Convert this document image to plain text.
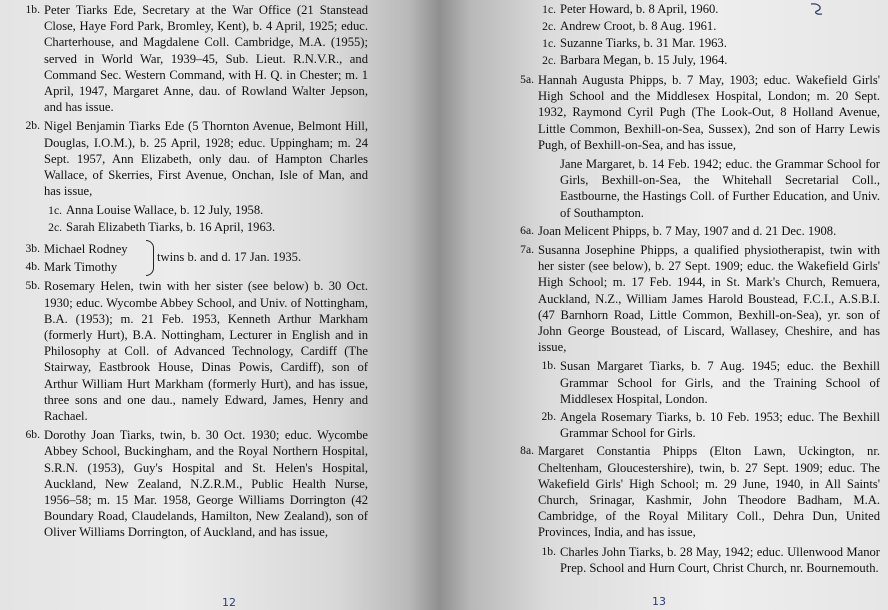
1b. Peter Tiarks Ede, Secretary at the War Office (21 Stanstead Close, Haye Ford Park, Bromley, Kent), b. 4 April, 1925; educ. Charterhouse, and Magdalene Coll. Cambridge, M.A. (1955); served in World War, 1939–45, Sub. Lieut. R.N.V.R., and Command Sec. Western Command, with H. Q. in Chester; m. 1 April, 1947, Margaret Anne, dau. of Rowland Walter Jepson, and has issue.
2b. Nigel Benjamin Tiarks Ede (5 Thornton Avenue, Belmont Hill, Douglas, I.O.M.), b. 25 April, 1928; educ. Uppingham; m. 24 Sept. 1957, Ann Elizabeth, only dau. of Hampton Charles Wallace, of Skerries, First Avenue, Onchan, Isle of Man, and has issue,
1c. Anna Louise Wallace, b. 12 July, 1958.
2c. Sarah Elizabeth Tiarks, b. 16 April, 1963.
3b. Michael Rodney
4b. Mark Timothy
twins b. and d. 17 Jan. 1935.
5b. Rosemary Helen, twin with her sister (see below) b. 30 Oct. 1930; educ. Wycombe Abbey School, and Univ. of Nottingham, B.A. (1953); m. 21 Feb. 1953, Kenneth Arthur Markham (formerly Hurt), B.A. Nottingham, Lecturer in English and in Philosophy at Coll. of Advanced Technology, Cardiff (The Stairway, Eastbrook House, Dinas Powis, Cardiff), son of Arthur William Hurt Markham (formerly Hurt), and has issue, three sons and one dau., namely Edward, James, Henry and Rachael.
6b. Dorothy Joan Tiarks, twin, b. 30 Oct. 1930; educ. Wycombe Abbey School, Buckingham, and the Royal Northern Hospital, S.R.N. (1953), Guy's Hospital and St. Helen's Hospital, Auckland, New Zealand, N.Z.R.M., Public Health Nurse, 1956–58; m. 15 Mar. 1958, George Williams Dorrington (42 Boundary Road, Claudelands, Hamilton, New Zealand), son of Oliver Williams Dorrington, of Auckland, and has issue,
1c. Peter Howard, b. 8 April, 1960.
2c. Andrew Croot, b. 8 Aug. 1961.
1c. Suzanne Tiarks, b. 31 Mar. 1963.
2c. Barbara Megan, b. 15 July, 1964.
5a. Hannah Augusta Phipps, b. 7 May, 1903; educ. Wakefield Girls' High School and the Middlesex Hospital, London; m. 20 Sept. 1932, Raymond Cyril Pugh (The Look-Out, 8 Holland Avenue, Little Common, Bexhill-on-Sea, Sussex), 2nd son of Harry Lewis Pugh, of Bexhill-on-Sea, and has issue,
Jane Margaret, b. 14 Feb. 1942; educ. the Grammar School for Girls, Bexhill-on-Sea, the Whitehall Secretarial Coll., Eastbourne, the Hastings Coll. of Further Education, and Univ. of Southampton.
6a. Joan Melicent Phipps, b. 7 May, 1907 and d. 21 Dec. 1908.
7a. Susanna Josephine Phipps, a qualified physiotherapist, twin with her sister (see below), b. 27 Sept. 1909; educ. the Wakefield Girls' High School; m. 17 Feb. 1944, in St. Mark's Church, Remuera, Auckland, N.Z., William James Harold Boustead, F.C.I., A.S.B.I. (47 Barnhorn Road, Little Common, Bexhill-on-Sea), yr. son of John George Boustead, of Liscard, Wallasey, Cheshire, and has issue,
1b. Susan Margaret Tiarks, b. 7 Aug. 1945; educ. the Bexhill Grammar School for Girls, and the Training School of Middlesex Hospital, London.
2b. Angela Rosemary Tiarks, b. 10 Feb. 1953; educ. The Bexhill Grammar School for Girls.
8a. Margaret Constantia Phipps (Elton Lawn, Uckington, nr. Cheltenham, Gloucestershire), twin, b. 27 Sept. 1909; educ. The Wakefield Girls' High School; m. 29 June, 1940, in All Saints' Church, Srinagar, Kashmir, John Theodore Badham, M.A. Cambridge, of the Royal Military Coll., Dehra Dun, United Provinces, India, and has issue,
1b. Charles John Tiarks, b. 28 May, 1942; educ. Ullenwood Manor Prep. School and Hurn Court, Christ Church, nr. Bournemouth.
12	13
